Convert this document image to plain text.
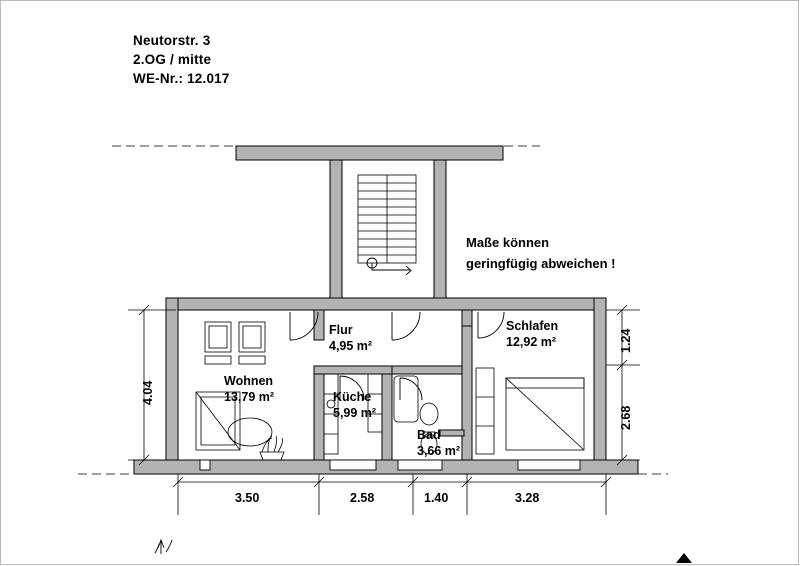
Neutorstr. 3
2.OG / mitte
WE-Nr.: 12.017
Maße können
geringfügig abweichen !
Wohnen
13,79 m²
Flur
4,95 m²
Küche
5,99 m²
Bad
3,66 m²
Schlafen
12,92 m²
3.50	2.58	1.40	3.28
4.04
1.24
2.68
